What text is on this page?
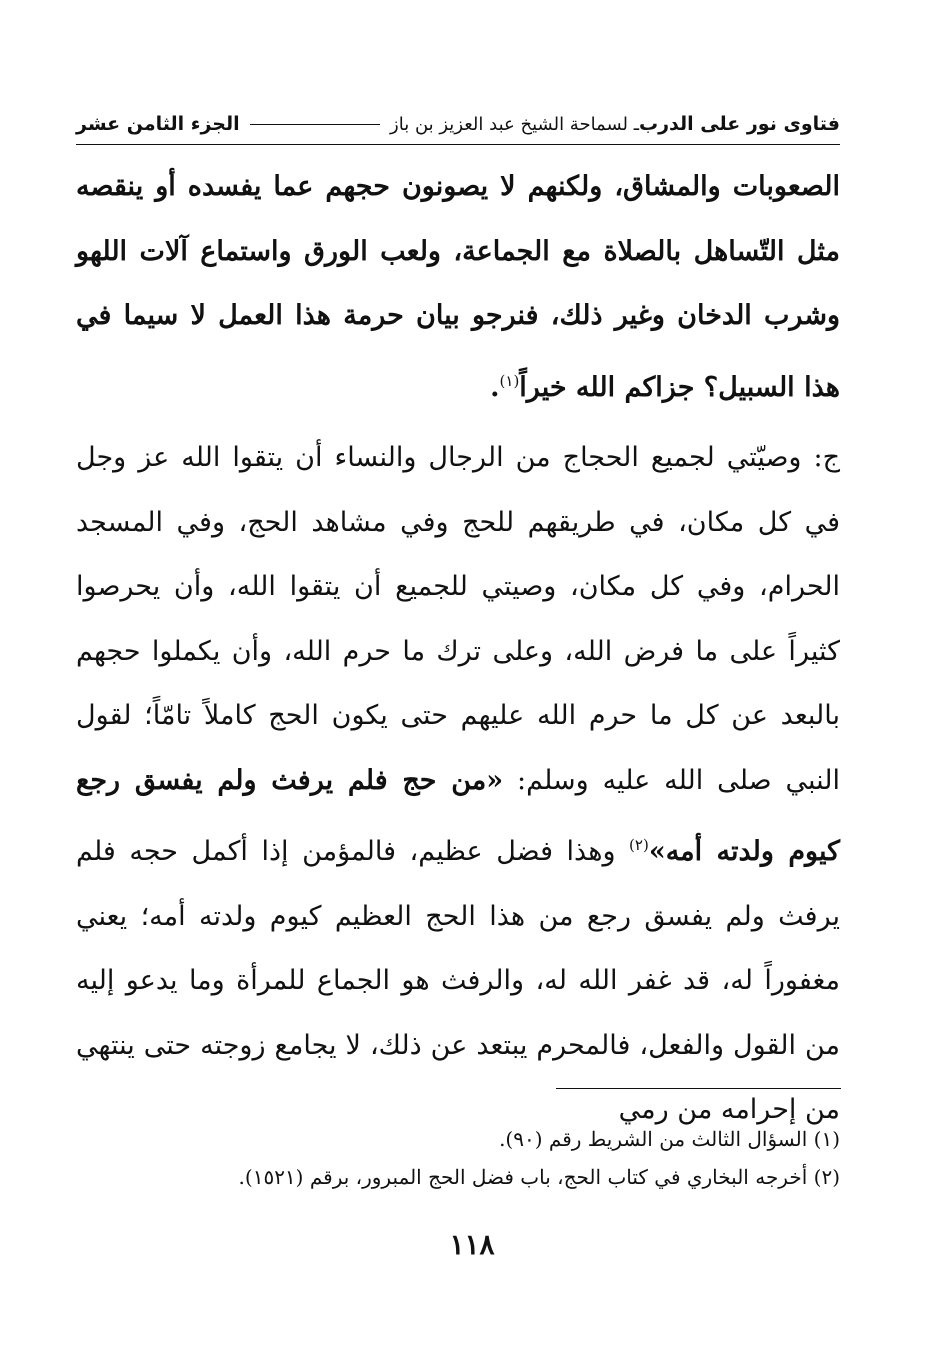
فتاوى نور على الدرب
ـ لسماحة الشيخ عبد العزيز بن باز
الجزء الثامن عشر

الصعوبات والمشاق، ولكنهم لا يصونون حجهم عما يفسده أو ينقصه مثل التّساهل بالصلاة مع الجماعة، ولعب الورق واستماع آلات اللهو وشرب الدخان وغير ذلك، فنرجو بيان حرمة هذا العمل لا سيما في هذا السبيل؟ جزاكم الله خيراً$^{(١)}$.

ج: وصيّتي لجميع الحجاج من الرجال والنساء أن يتقوا الله عز وجل في كل مكان، في طريقهم للحج وفي مشاهد الحج، وفي المسجد الحرام، وفي كل مكان، وصيتي للجميع أن يتقوا الله، وأن يحرصوا كثيراً على ما فرض الله، وعلى ترك ما حرم الله، وأن يكملوا حجهم بالبعد عن كل ما حرم الله عليهم حتى يكون الحج كاملاً تامّاً؛ لقول النبي صلى الله عليه وسلم: «من حج فلم يرفث ولم يفسق رجع كيوم ولدته أمه»$^{(٢)}$ وهذا فضل عظيم، فالمؤمن إذا أكمل حجه فلم يرفث ولم يفسق رجع من هذا الحج العظيم كيوم ولدته أمه؛ يعني مغفوراً له، قد غفر الله له، والرفث هو الجماع للمرأة وما يدعو إليه من القول والفعل، فالمحرم يبتعد عن ذلك، لا يجامع زوجته حتى ينتهي من إحرامه من رمي

(١) السؤال الثالث من الشريط رقم (٩٠).

(٢) أخرجه البخاري في كتاب الحج، باب فضل الحج المبرور، برقم (١٥٢١).

١١٨
